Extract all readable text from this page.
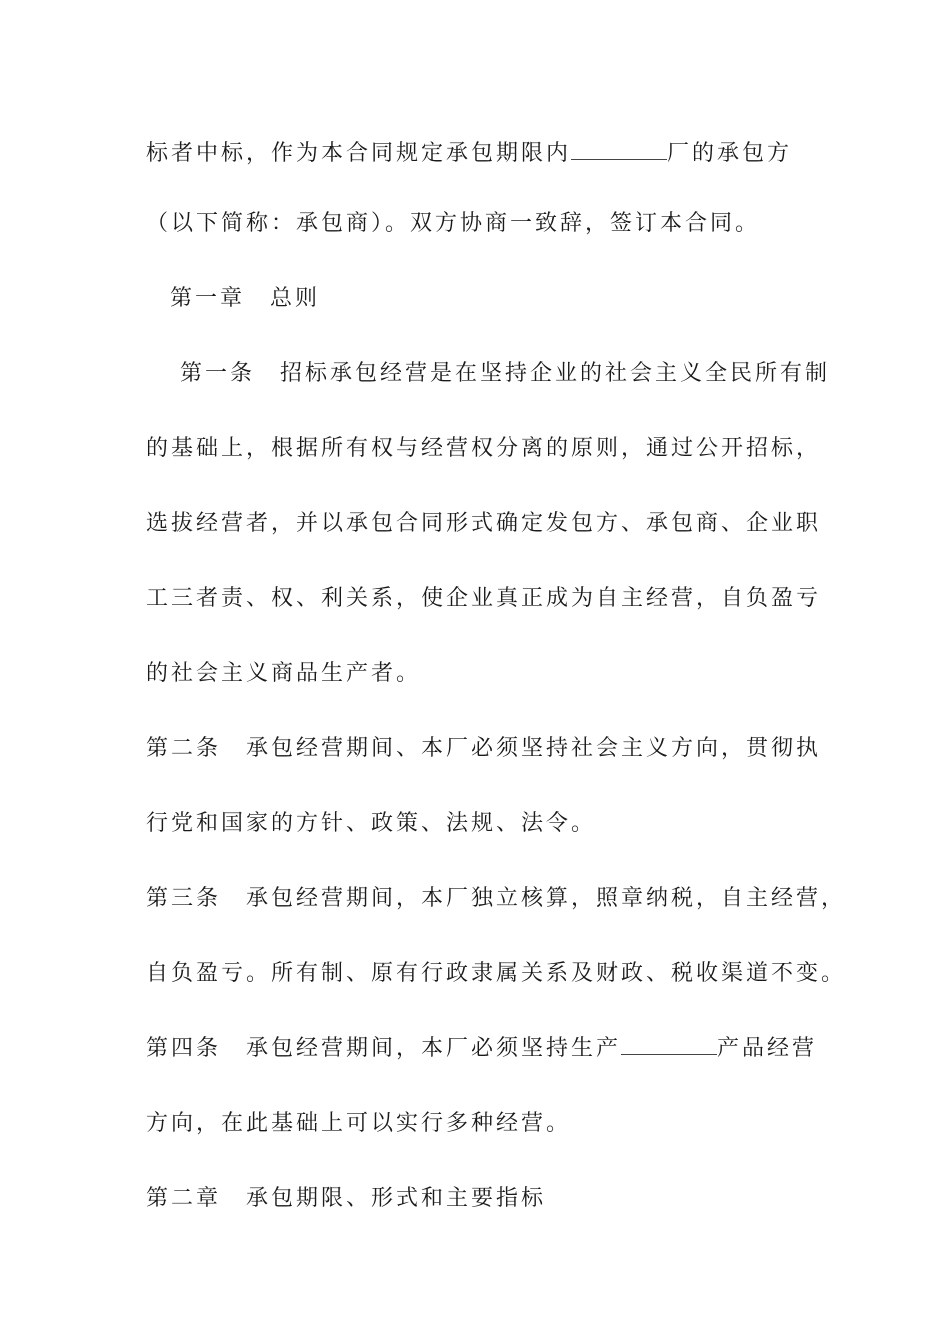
标者中标，作为本合同规定承包期限内	厂的承包方
（以下简称：承包商）。双方协商一致辞，签订本合同。
第一章　总则
第一条　招标承包经营是在坚持企业的社会主义全民所有制
的基础上，根据所有权与经营权分离的原则，通过公开招标，
选拔经营者，并以承包合同形式确定发包方、承包商、企业职
工三者责、权、利关系，使企业真正成为自主经营，自负盈亏
的社会主义商品生产者。
第二条　承包经营期间、本厂必须坚持社会主义方向，贯彻执
行党和国家的方针、政策、法规、法令。
第三条　承包经营期间，本厂独立核算，照章纳税，自主经营，
自负盈亏。所有制、原有行政隶属关系及财政、税收渠道不变。
第四条　承包经营期间，本厂必须坚持生产	产品经营
方向，在此基础上可以实行多种经营。
第二章　承包期限、形式和主要指标
